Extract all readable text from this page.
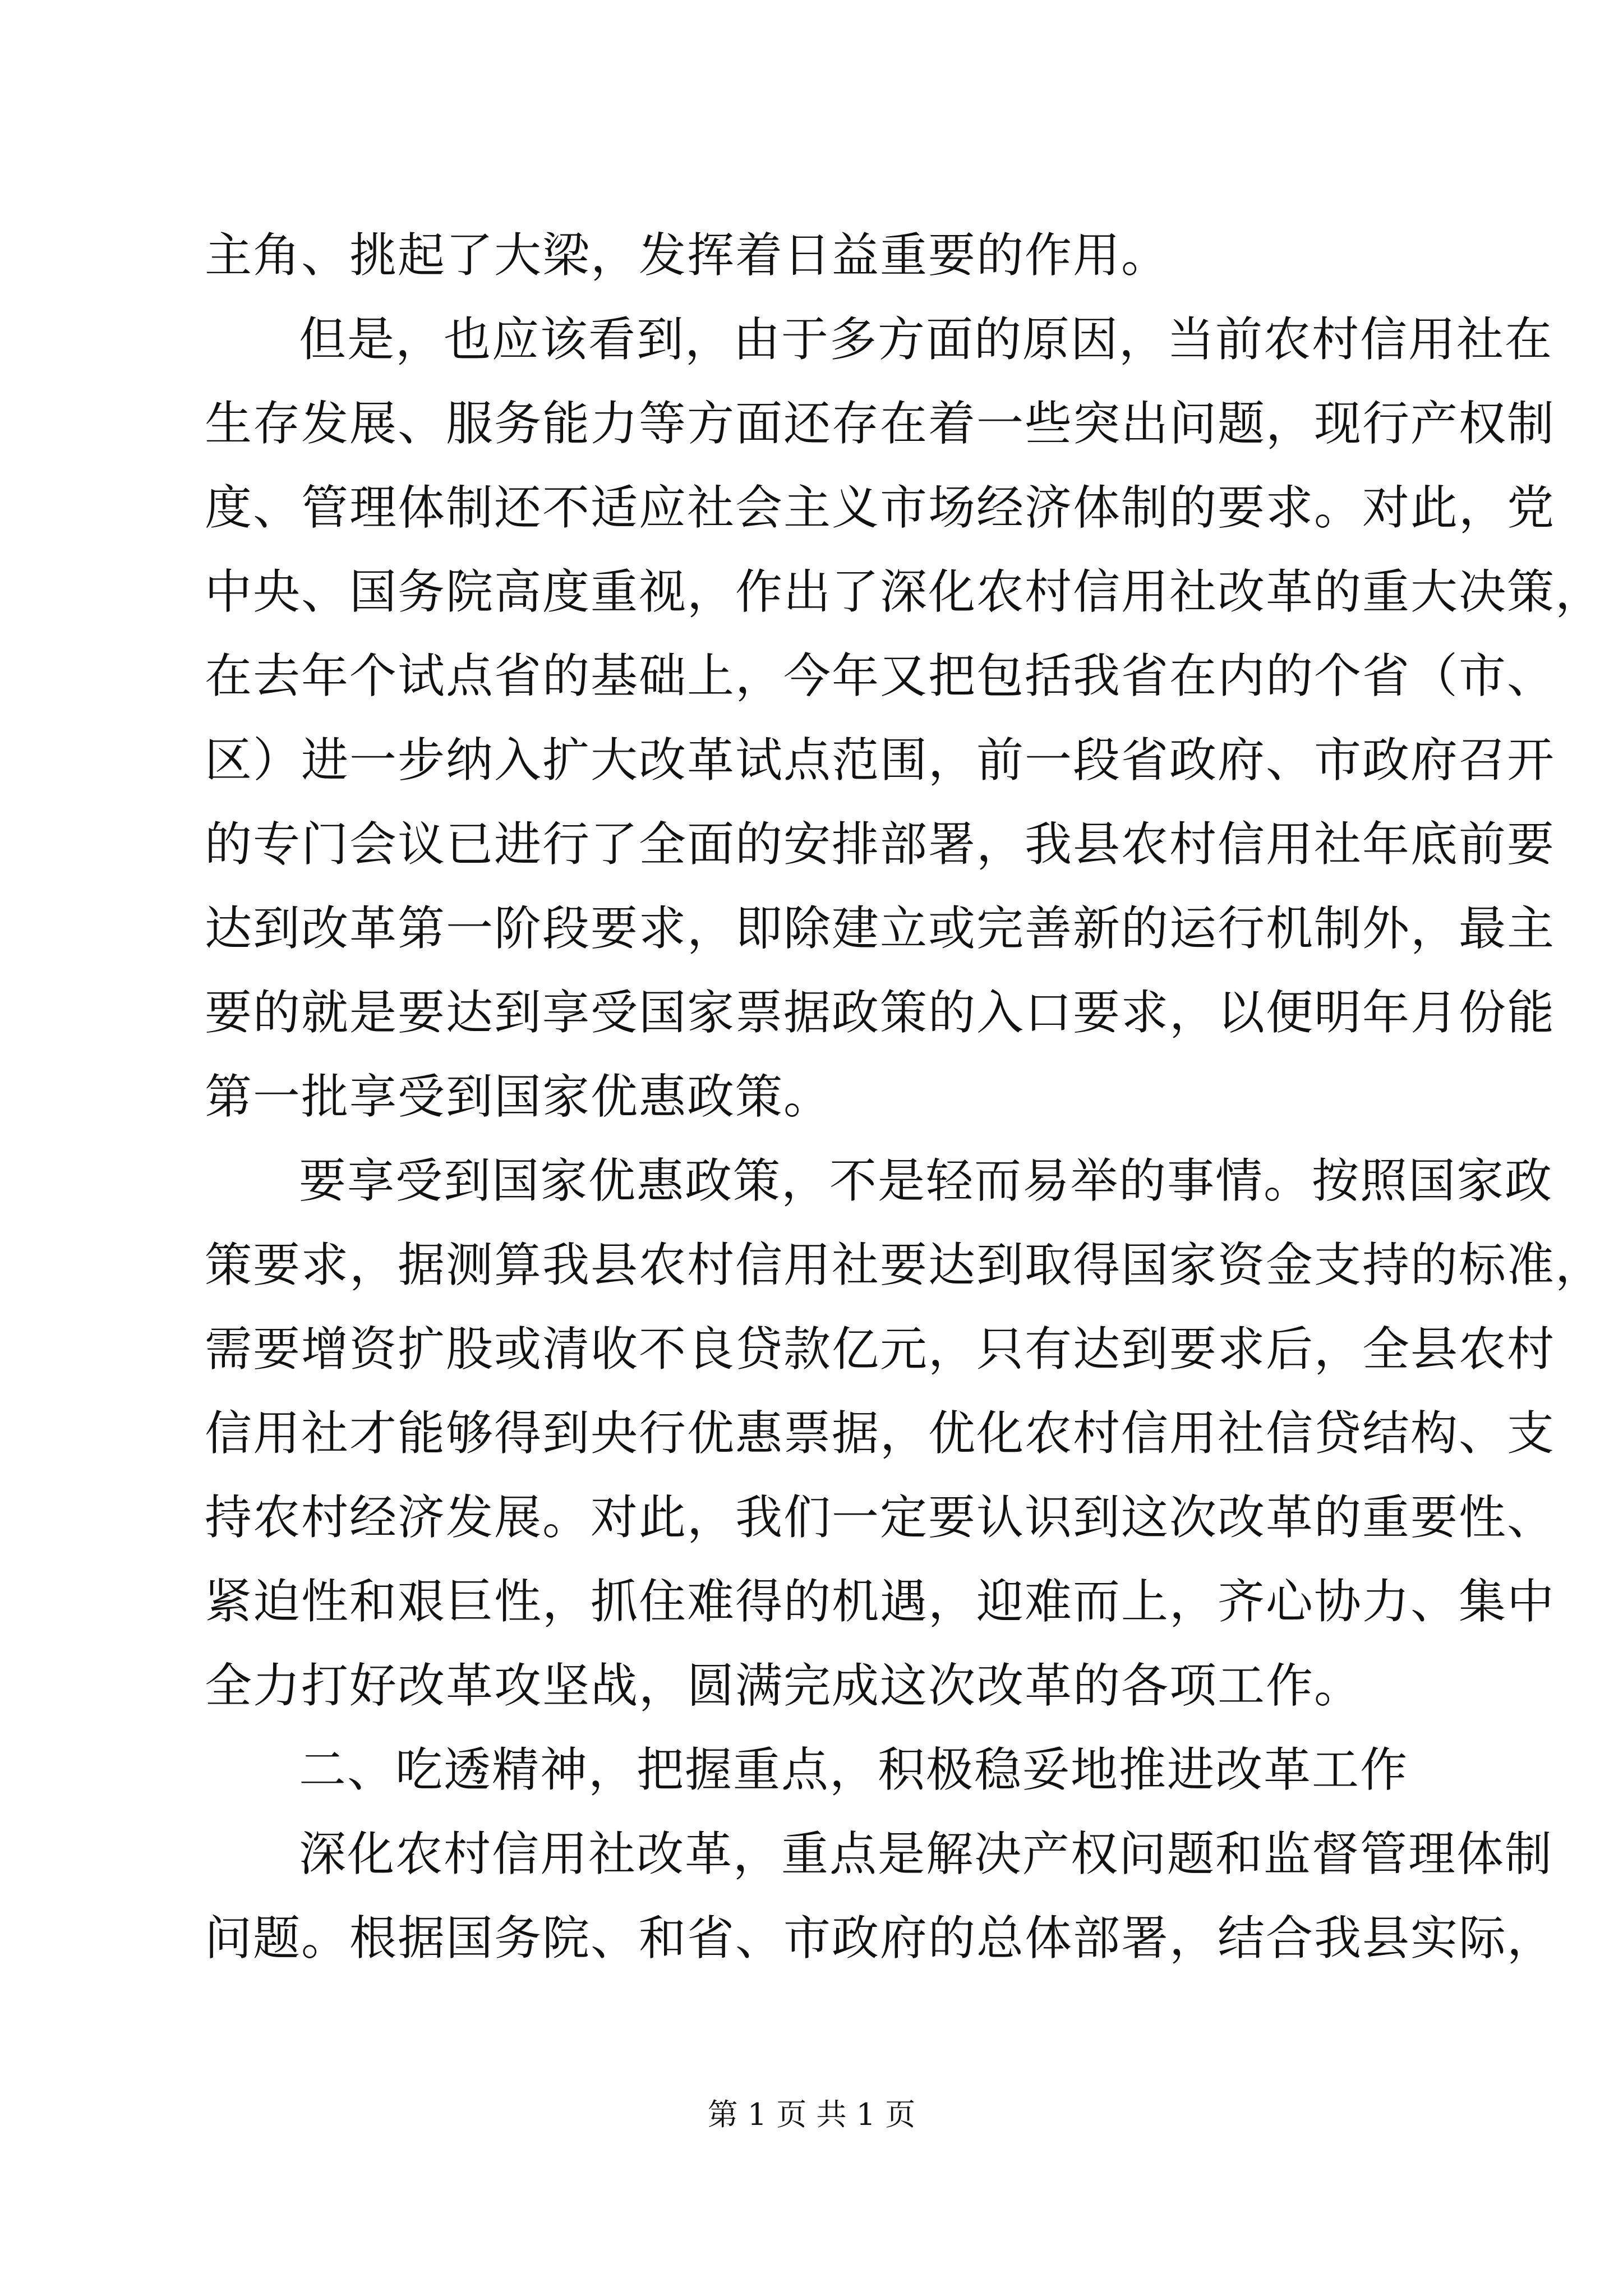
主角、挑起了大梁，发挥着日益重要的作用。
但是，也应该看到，由于多方面的原因，当前农村信用社在
生存发展、服务能力等方面还存在着一些突出问题，现行产权制
度、管理体制还不适应社会主义市场经济体制的要求。对此，党
中央、国务院高度重视，作出了深化农村信用社改革的重大决策，
在去年个试点省的基础上，今年又把包括我省在内的个省（市、
区）进一步纳入扩大改革试点范围，前一段省政府、市政府召开
的专门会议已进行了全面的安排部署，我县农村信用社年底前要
达到改革第一阶段要求，即除建立或完善新的运行机制外，最主
要的就是要达到享受国家票据政策的入口要求，以便明年月份能
第一批享受到国家优惠政策。
要享受到国家优惠政策，不是轻而易举的事情。按照国家政
策要求，据测算我县农村信用社要达到取得国家资金支持的标准，
需要增资扩股或清收不良贷款亿元，只有达到要求后，全县农村
信用社才能够得到央行优惠票据，优化农村信用社信贷结构、支
持农村经济发展。对此，我们一定要认识到这次改革的重要性、
紧迫性和艰巨性，抓住难得的机遇，迎难而上，齐心协力、集中
全力打好改革攻坚战，圆满完成这次改革的各项工作。
二、吃透精神，把握重点，积极稳妥地推进改革工作
深化农村信用社改革，重点是解决产权问题和监督管理体制
问题。根据国务院、和省、市政府的总体部署，结合我县实际，
第 1 页 共 1 页
